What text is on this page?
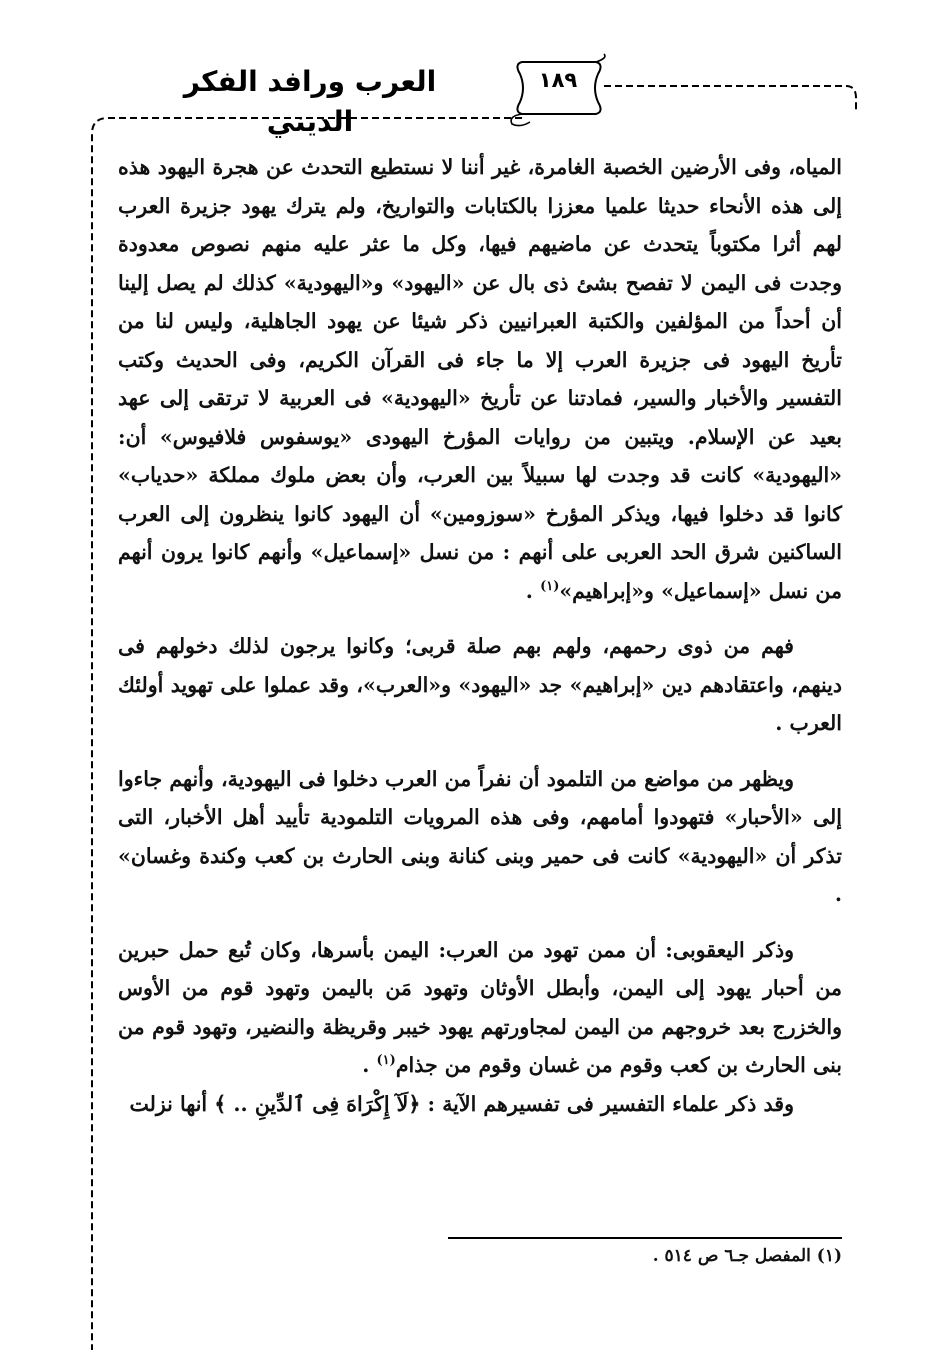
العرب ورافد الفكر الديني
١٨٩

المياه، وفى الأرضين الخصبة الغامرة، غير أننا لا نستطيع التحدث عن هجرة اليهود هذه إلى هذه الأنحاء حديثا علميا معززا بالكتابات والتواريخ، ولم يترك يهود جزيرة العرب لهم أثرا مكتوباً يتحدث عن ماضيهم فيها، وكل ما عثر عليه منهم نصوص معدودة وجدت فى اليمن لا تفصح بشئ ذى بال عن «اليهود» و«اليهودية» كذلك لم يصل إلينا أن أحداً من المؤلفين والكتبة العبرانيين ذكر شيئا عن يهود الجاهلية، وليس لنا من تأريخ اليهود فى جزيرة العرب إلا ما جاء فى القرآن الكريم، وفى الحديث وكتب التفسير والأخبار والسير، فمادتنا عن تأريخ «اليهودية» فى العربية لا ترتقى إلى عهد بعيد عن الإسلام. ويتبين من روايات المؤرخ اليهودى «يوسفوس فلافيوس» أن: «اليهودية» كانت قد وجدت لها سبيلاً بين العرب، وأن بعض ملوك مملكة «حدياب» كانوا قد دخلوا فيها، ويذكر المؤرخ «سوزومين» أن اليهود كانوا ينظرون إلى العرب الساكنين شرق الحد العربى على أنهم : من نسل «إسماعيل» وأنهم كانوا يرون أنهم من نسل «إسماعيل» و«إبراهيم»$^{(١)}$ .

فهم من ذوى رحمهم، ولهم بهم صلة قربى؛ وكانوا يرجون لذلك دخولهم فى دينهم، واعتقادهم دين «إبراهيم» جد «اليهود» و«العرب»، وقد عملوا على تهويد أولئك العرب .

ويظهر من مواضع من التلمود أن نفراً من العرب دخلوا فى اليهودية، وأنهم جاءوا إلى «الأحبار» فتهودوا أمامهم، وفى هذه المرويات التلمودية تأييد أهل الأخبار، التى تذكر أن «اليهودية» كانت فى حمير وبنى كنانة وبنى الحارث بن كعب وكندة وغسان» .

وذكر اليعقوبى: أن ممن تهود من العرب: اليمن بأسرها، وكان تُبع حمل حبرين من أحبار يهود إلى اليمن، وأبطل الأوثان وتهود مَن باليمن وتهود قوم من الأوس والخزرج بعد خروجهم من اليمن لمجاورتهم يهود خيبر وقريظة والنضير، وتهود قوم من بنى الحارث بن كعب وقوم من غسان وقوم من جذام$^{(١)}$ .

وقد ذكر علماء التفسير فى تفسيرهم الآية : ﴿لَآ إِكْرَاهَ فِى ٱلدِّينِ .. ﴾ أنها نزلت

(١) المفصل جـ٦ ص ٥١٤ .
